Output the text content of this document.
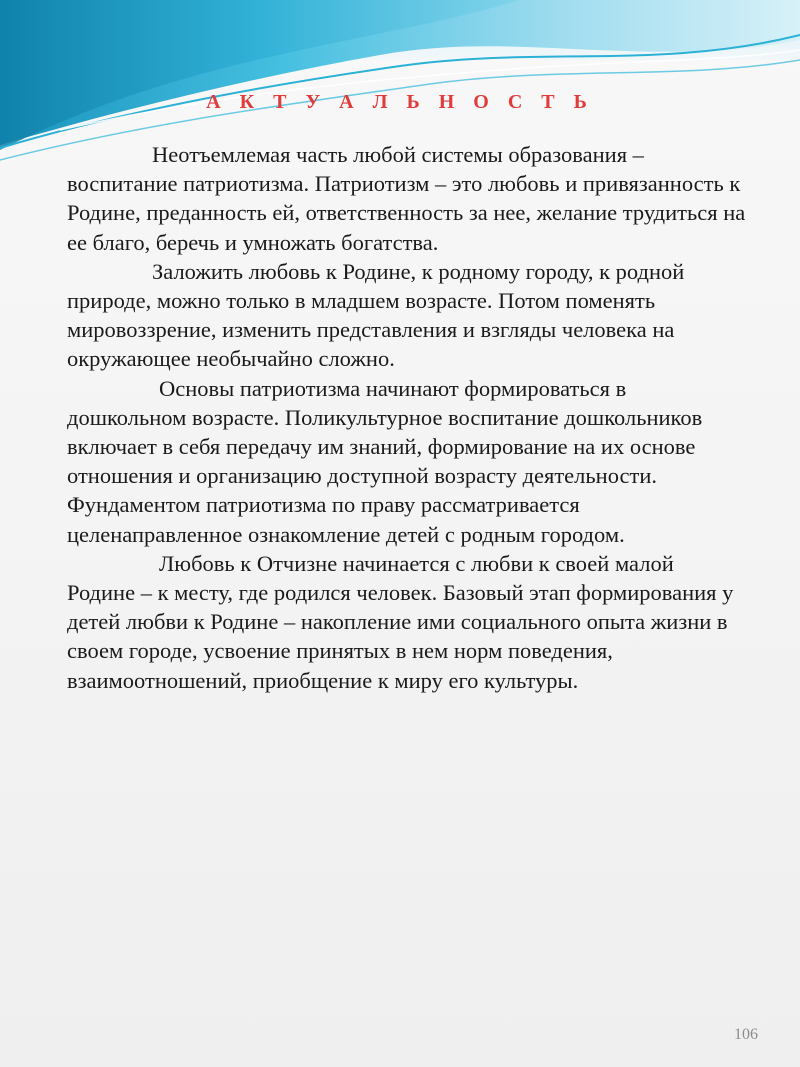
А К Т У А Л Ь Н О С Т Ь

Неотъемлемая часть любой системы образования – воспитание патриотизма. Патриотизм – это любовь и привязанность к Родине, преданность ей, ответственность за нее, желание трудиться на ее благо, беречь и умножать богатства.

Заложить любовь к Родине, к родному городу, к родной природе, можно только в младшем возрасте. Потом поменять мировоззрение, изменить представления и взгляды человека на окружающее необычайно сложно.

Основы патриотизма начинают формироваться в дошкольном возрасте. Поликультурное воспитание дошкольников включает в себя передачу им знаний, формирование на их основе отношения и организацию доступной возрасту деятельности. Фундаментом патриотизма по праву рассматривается целенаправленное ознакомление детей с родным городом.

Любовь к Отчизне начинается с любви к своей малой Родине – к месту, где родился человек. Базовый этап формирования у детей любви к Родине – накопление ими социального опыта жизни в своем городе, усвоение принятых в нем норм поведения, взаимоотношений, приобщение к миру его культуры.

106
